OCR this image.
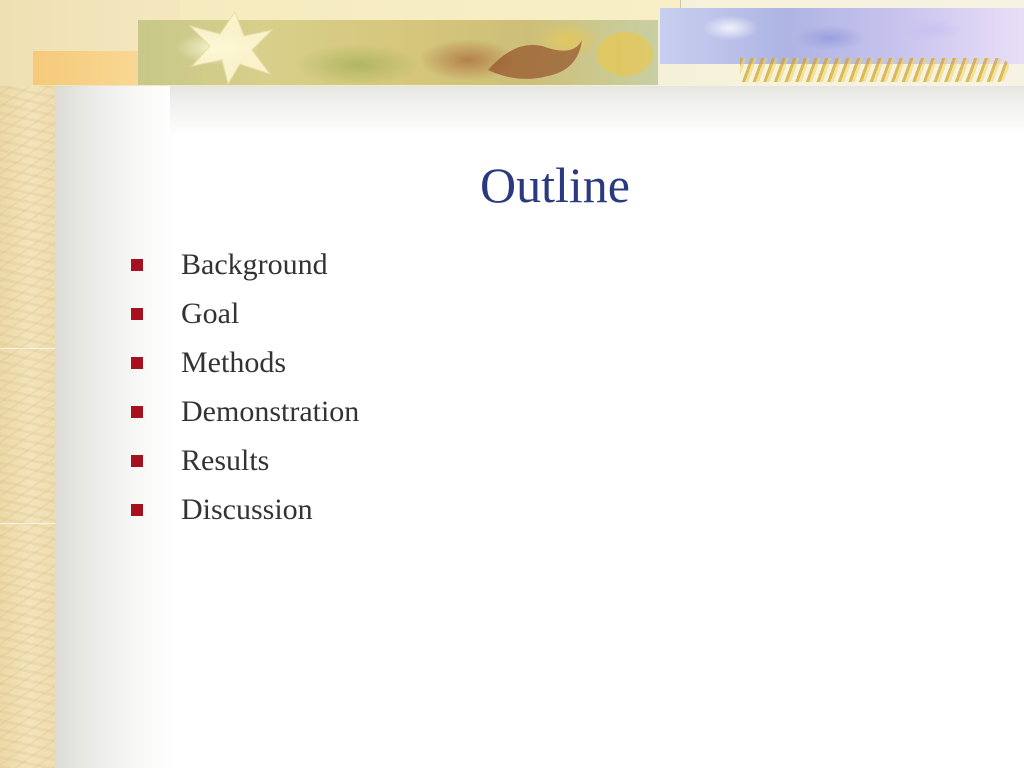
Outline
Background
Goal
Methods
Demonstration
Results
Discussion
